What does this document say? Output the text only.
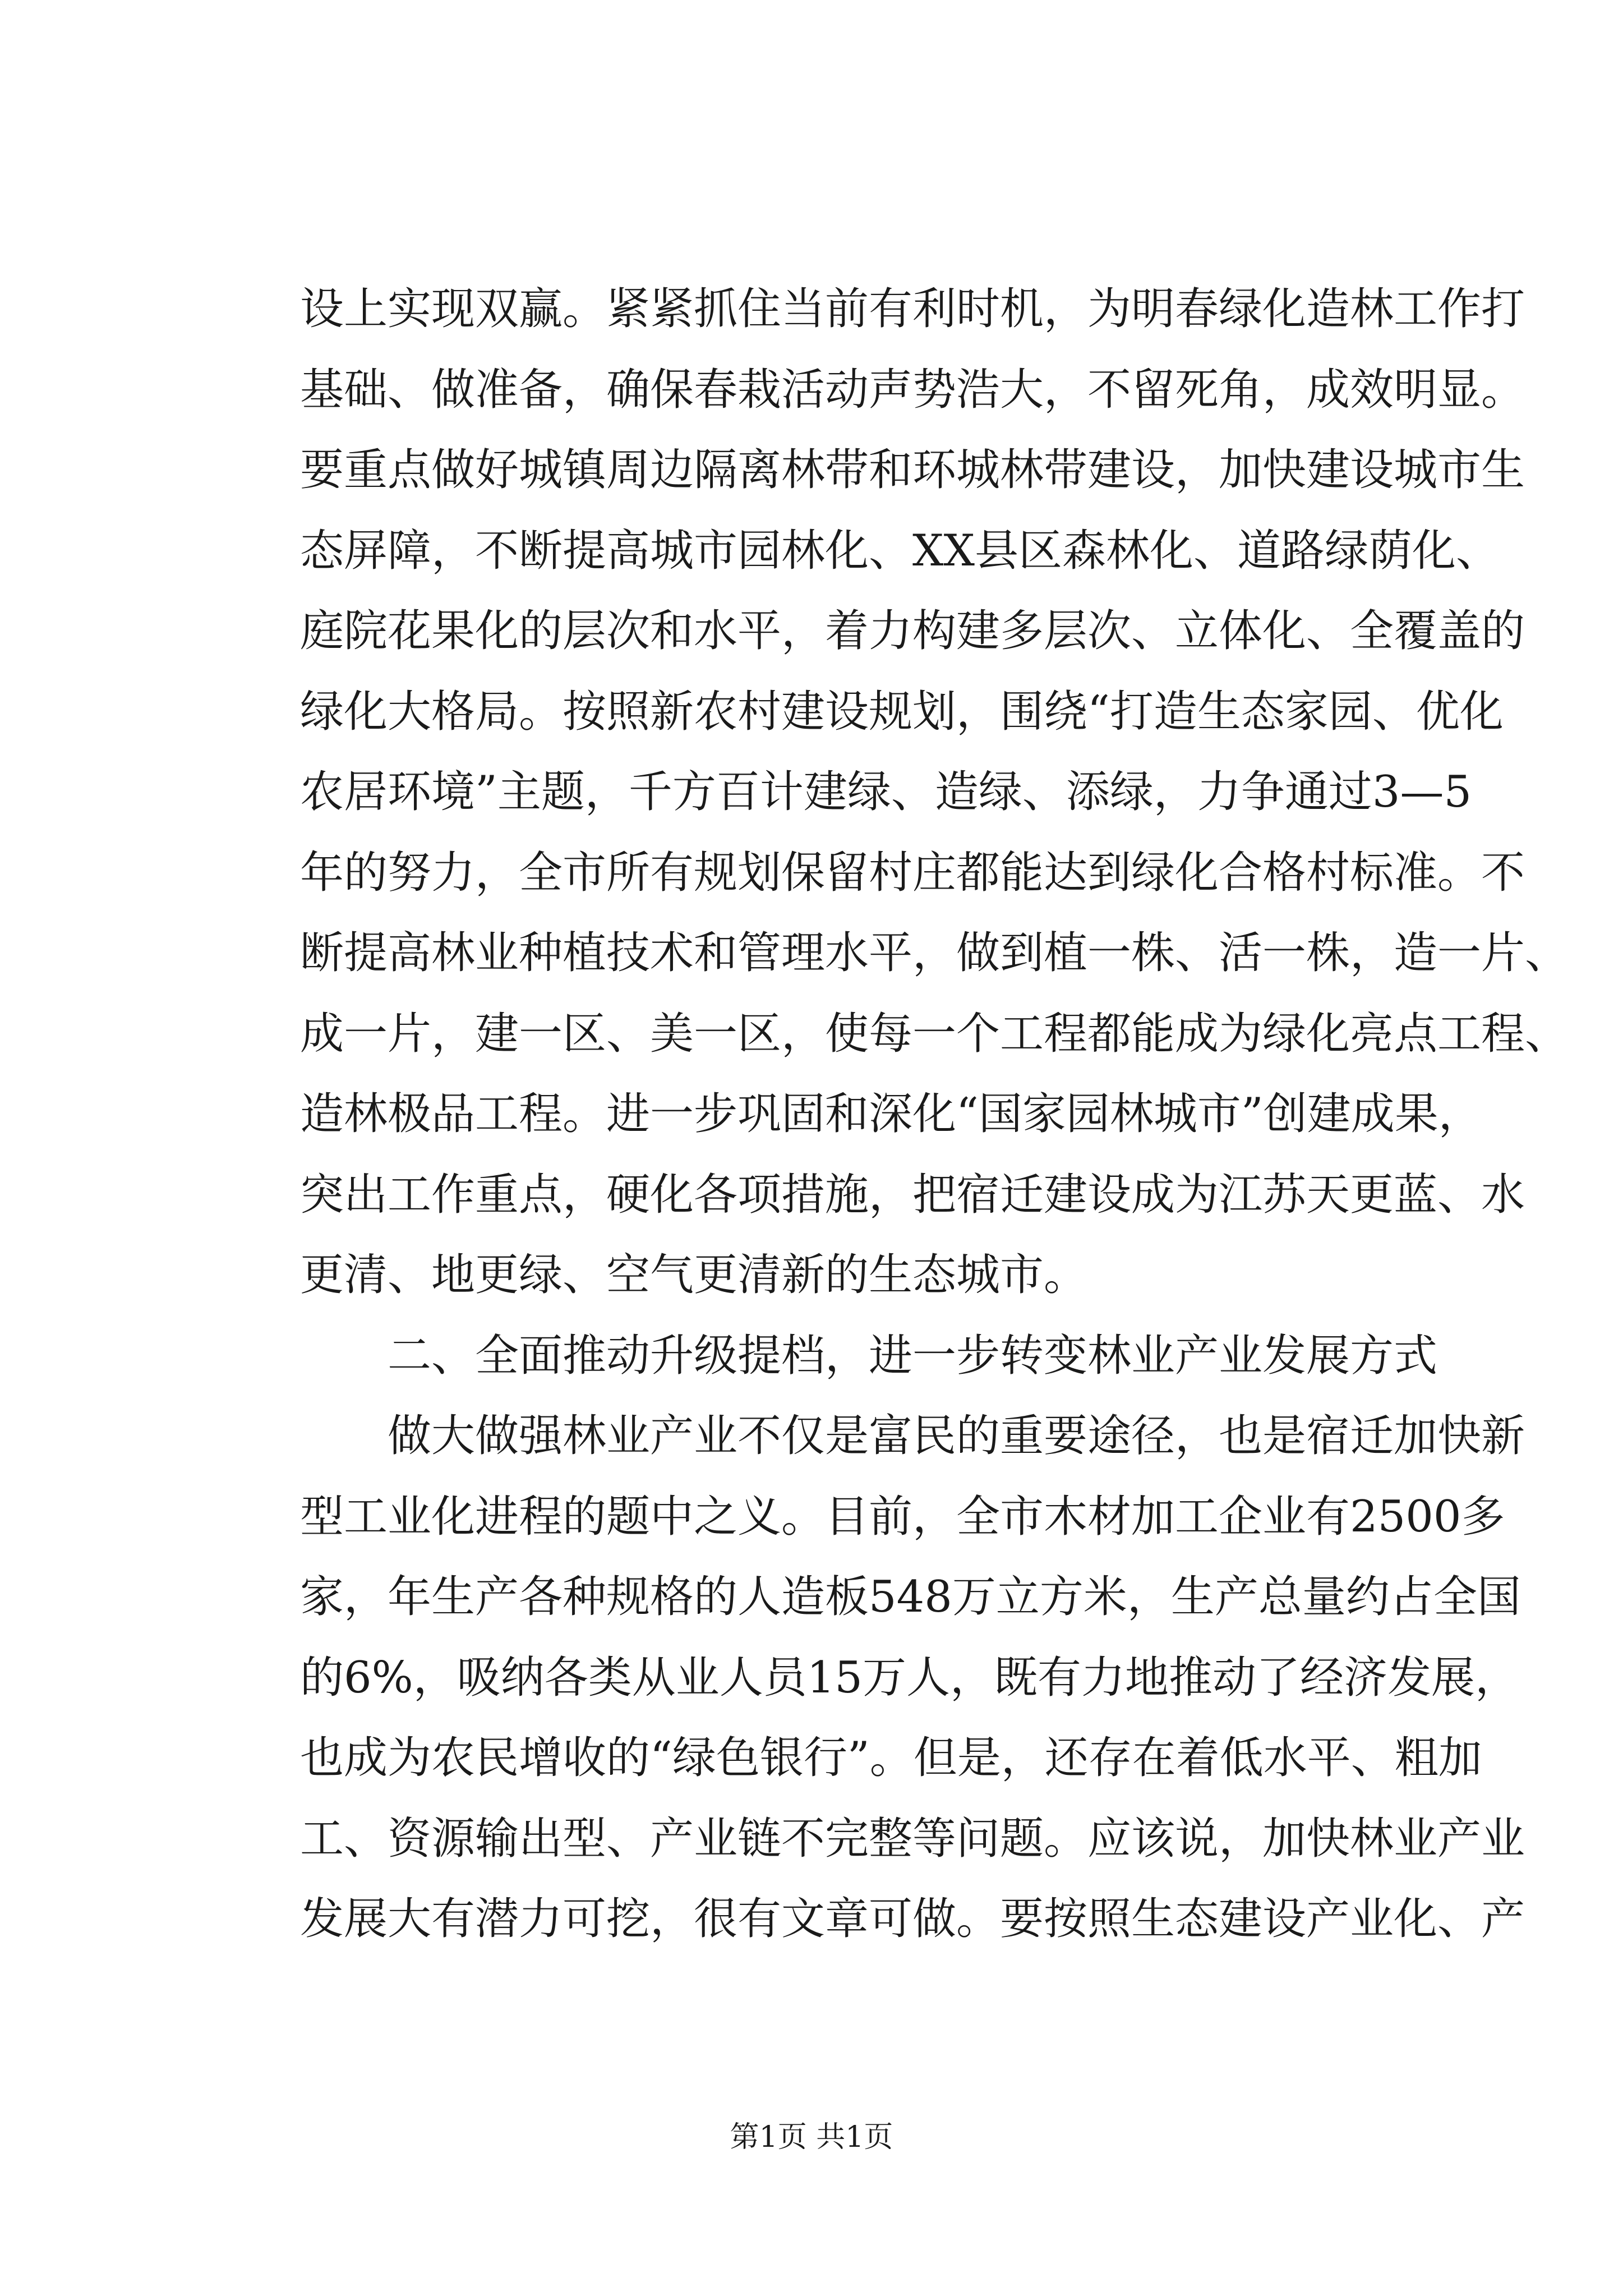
设上实现双赢。紧紧抓住当前有利时机，为明春绿化造林工作打
基础、做准备，确保春栽活动声势浩大，不留死角，成效明显。
要重点做好城镇周边隔离林带和环城林带建设，加快建设城市生
态屏障，不断提高城市园林化、XX县区森林化、道路绿荫化、
庭院花果化的层次和水平，着力构建多层次、立体化、全覆盖的
绿化大格局。按照新农村建设规划，围绕“打造生态家园、优化
农居环境”主题，千方百计建绿、造绿、添绿，力争通过3—5
年的努力，全市所有规划保留村庄都能达到绿化合格村标准。不
断提高林业种植技术和管理水平，做到植一株、活一株，造一片、
成一片，建一区、美一区，使每一个工程都能成为绿化亮点工程、
造林极品工程。进一步巩固和深化“国家园林城市”创建成果，
突出工作重点，硬化各项措施，把宿迁建设成为江苏天更蓝、水
更清、地更绿、空气更清新的生态城市。
二、全面推动升级提档，进一步转变林业产业发展方式
做大做强林业产业不仅是富民的重要途径，也是宿迁加快新
型工业化进程的题中之义。目前，全市木材加工企业有2500多
家，年生产各种规格的人造板548万立方米，生产总量约占全国
的6%，吸纳各类从业人员15万人，既有力地推动了经济发展，
也成为农民增收的“绿色银行”。但是，还存在着低水平、粗加
工、资源输出型、产业链不完整等问题。应该说，加快林业产业
发展大有潜力可挖，很有文章可做。要按照生态建设产业化、产
第1页 共1页
